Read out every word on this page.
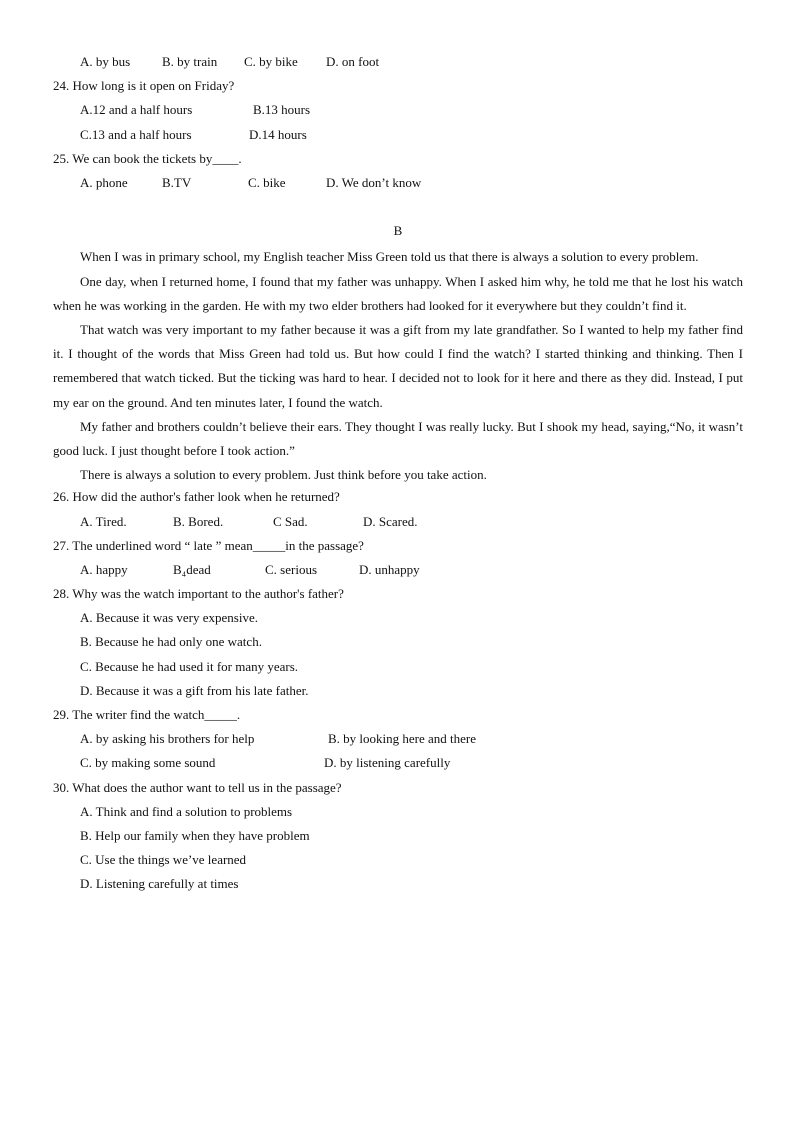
A. by bus B. by train C. by bike D. on foot
24. How long is it open on Friday?
A.12 and a half hours	B.13 hours
C.13 and a half hours	D.14 hours
25. We can book the tickets by____.
A. phone	B.TV	C. bike	D. We don’t know
B

When I was in primary school, my English teacher Miss Green told us that there is always a solution to every problem.

One day, when I returned home, I found that my father was unhappy. When I asked him why, he told me that he lost his watch when he was working in the garden. He with my two elder brothers had looked for it everywhere but they couldn’t find it.

That watch was very important to my father because it was a gift from my late grandfather. So I wanted to help my father find it. I thought of the words that Miss Green had told us. But how could I find the watch? I started thinking and thinking. Then I remembered that watch ticked. But the ticking was hard to hear. I decided not to look for it here and there as they did. Instead, I put my ear on the ground. And ten minutes later, I found the watch.

My father and brothers couldn’t believe their ears. They thought I was really lucky. But I shook my head, saying,“No, it wasn’t good luck. I just thought before I took action.”

There is always a solution to every problem. Just think before you take action.

26. How did the author's father look when he returned?
A. Tired.	B. Bored.	C Sad.	D. Scared.
27. The underlined word “ late ” mean_____in the passage?
A. happy	B₄dead	C. serious	D. unhappy
28. Why was the watch important to the author's father?
A. Because it was very expensive.
B. Because he had only one watch.
C. Because he had used it for many years.
D. Because it was a gift from his late father.
29. The writer find the watch_____.
A. by asking his brothers for help	B. by looking here and there
C. by making some sound	D. by listening carefully
30. What does the author want to tell us in the passage?
A. Think and find a solution to problems
B. Help our family when they have problem
C. Use the things we’ve learned
D. Listening carefully at times
